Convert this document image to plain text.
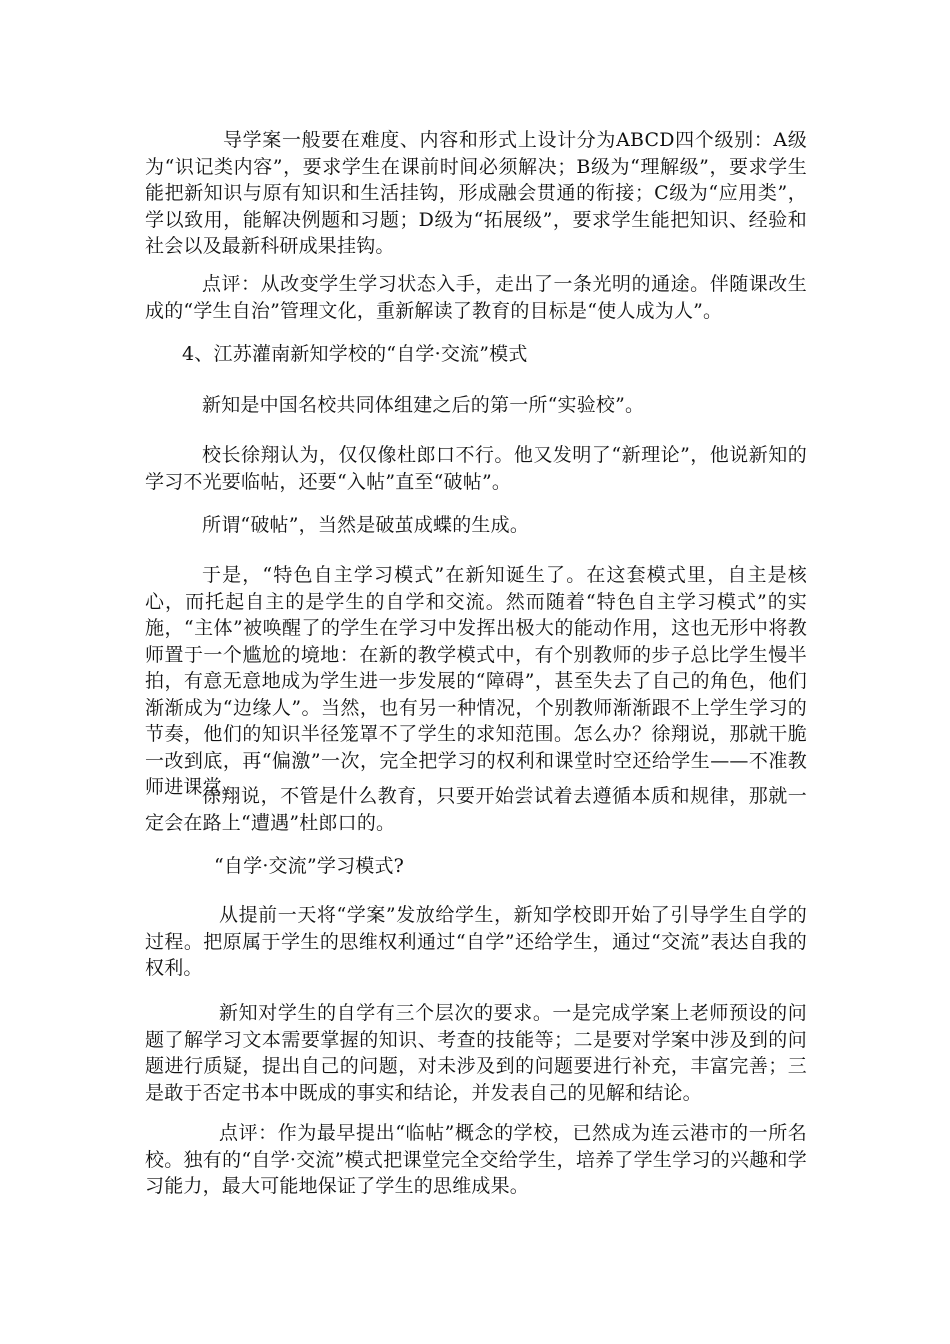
导学案一般要在难度、内容和形式上设计分为ABCD四个级别：A级为“识记类内容”，要求学生在课前时间必须解决；B级为“理解级”，要求学生能把新知识与原有知识和生活挂钩，形成融会贯通的衔接；C级为“应用类”，学以致用，能解决例题和习题；D级为“拓展级”，要求学生能把知识、经验和社会以及最新科研成果挂钩。

点评：从改变学生学习状态入手，走出了一条光明的通途。伴随课改生成的“学生自治”管理文化，重新解读了教育的目标是“使人成为人”。

4、江苏灌南新知学校的“自学·交流”模式

新知是中国名校共同体组建之后的第一所“实验校”。

校长徐翔认为，仅仅像杜郎口不行。他又发明了“新理论”，他说新知的学习不光要临帖，还要“入帖”直至“破帖”。

所谓“破帖”，当然是破茧成蝶的生成。

于是，“特色自主学习模式”在新知诞生了。在这套模式里，自主是核心，而托起自主的是学生的自学和交流。然而随着“特色自主学习模式”的实施，“主体”被唤醒了的学生在学习中发挥出极大的能动作用，这也无形中将教师置于一个尴尬的境地：在新的教学模式中，有个别教师的步子总比学生慢半拍，有意无意地成为学生进一步发展的“障碍”，甚至失去了自己的角色，他们渐渐成为“边缘人”。当然，也有另一种情况，个别教师渐渐跟不上学生学习的节奏，他们的知识半径笼罩不了学生的求知范围。怎么办？徐翔说，那就干脆一改到底，再“偏激”一次，完全把学习的权利和课堂时空还给学生——不准教师进课堂。

徐翔说，不管是什么教育，只要开始尝试着去遵循本质和规律，那就一定会在路上“遭遇”杜郎口的。

“自学·交流”学习模式?

从提前一天将“学案”发放给学生，新知学校即开始了引导学生自学的过程。把原属于学生的思维权利通过“自学”还给学生，通过“交流”表达自我的权利。

新知对学生的自学有三个层次的要求。一是完成学案上老师预设的问题了解学习文本需要掌握的知识、考查的技能等；二是要对学案中涉及到的问题进行质疑，提出自己的问题，对未涉及到的问题要进行补充，丰富完善；三是敢于否定书本中既成的事实和结论，并发表自己的见解和结论。

点评：作为最早提出“临帖”概念的学校，已然成为连云港市的一所名校。独有的“自学·交流”模式把课堂完全交给学生，培养了学生学习的兴趣和学习能力，最大可能地保证了学生的思维成果。
